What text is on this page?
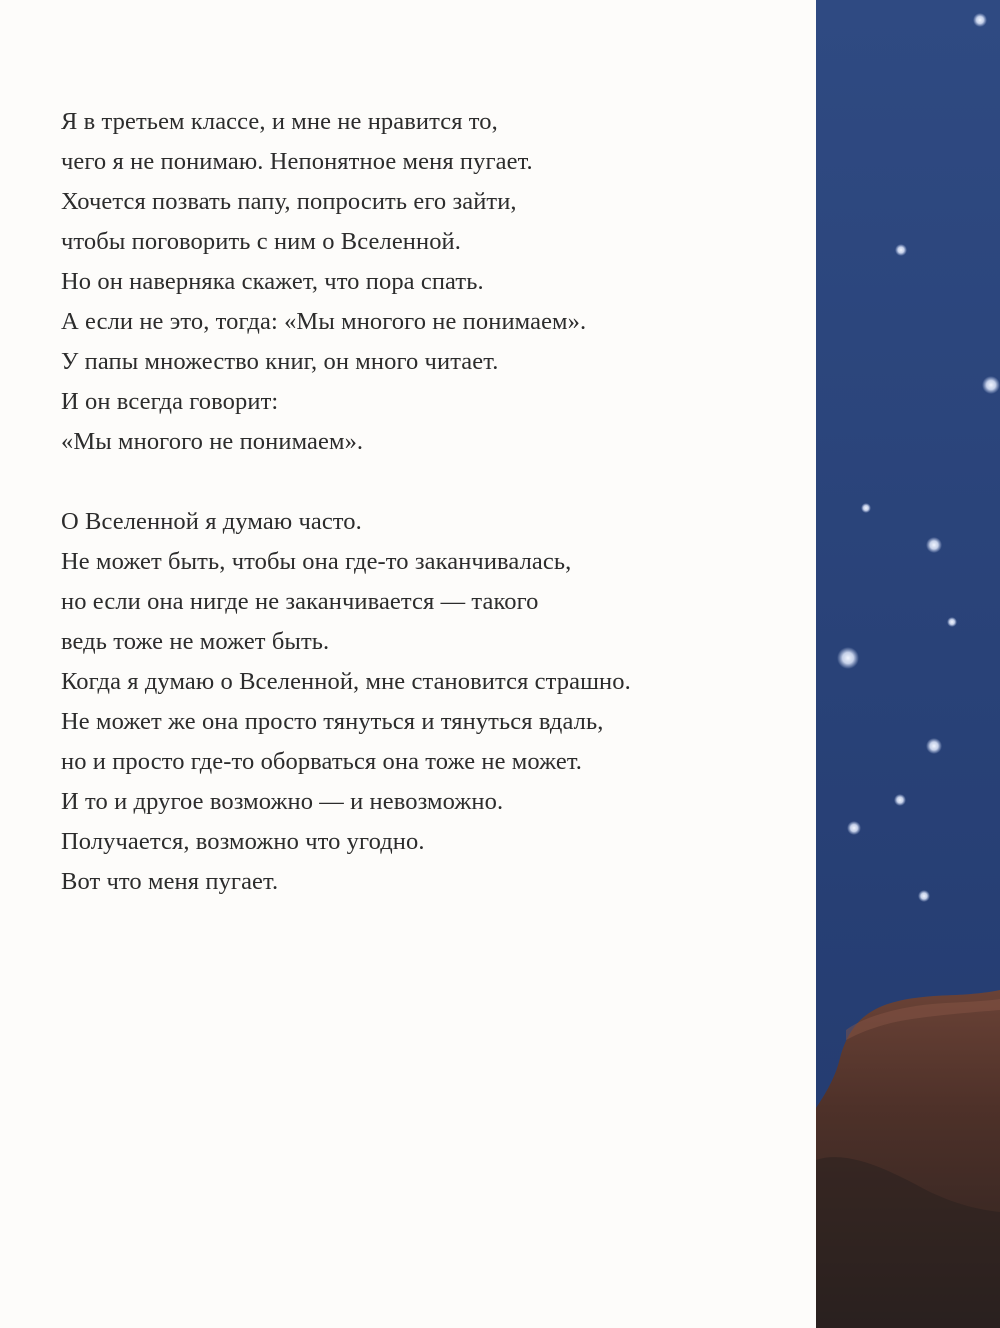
Я в третьем классе, и мне не нравится то,
чего я не понимаю. Непонятное меня пугает.
Хочется позвать папу, попросить его зайти,
чтобы поговорить с ним о Вселенной.
Но он наверняка скажет, что пора спать.
А если не это, тогда: «Мы многого не понимаем».
У папы множество книг, он много читает.
И он всегда говорит:
«Мы многого не понимаем».

О Вселенной я думаю часто.
Не может быть, чтобы она где-то заканчивалась,
но если она нигде не заканчивается — такого
ведь тоже не может быть.
Когда я думаю о Вселенной, мне становится страшно.
Не может же она просто тянуться и тянуться вдаль,
но и просто где-то оборваться она тоже не может.
И то и другое возможно — и невозможно.
Получается, возможно что угодно.
Вот что меня пугает.
